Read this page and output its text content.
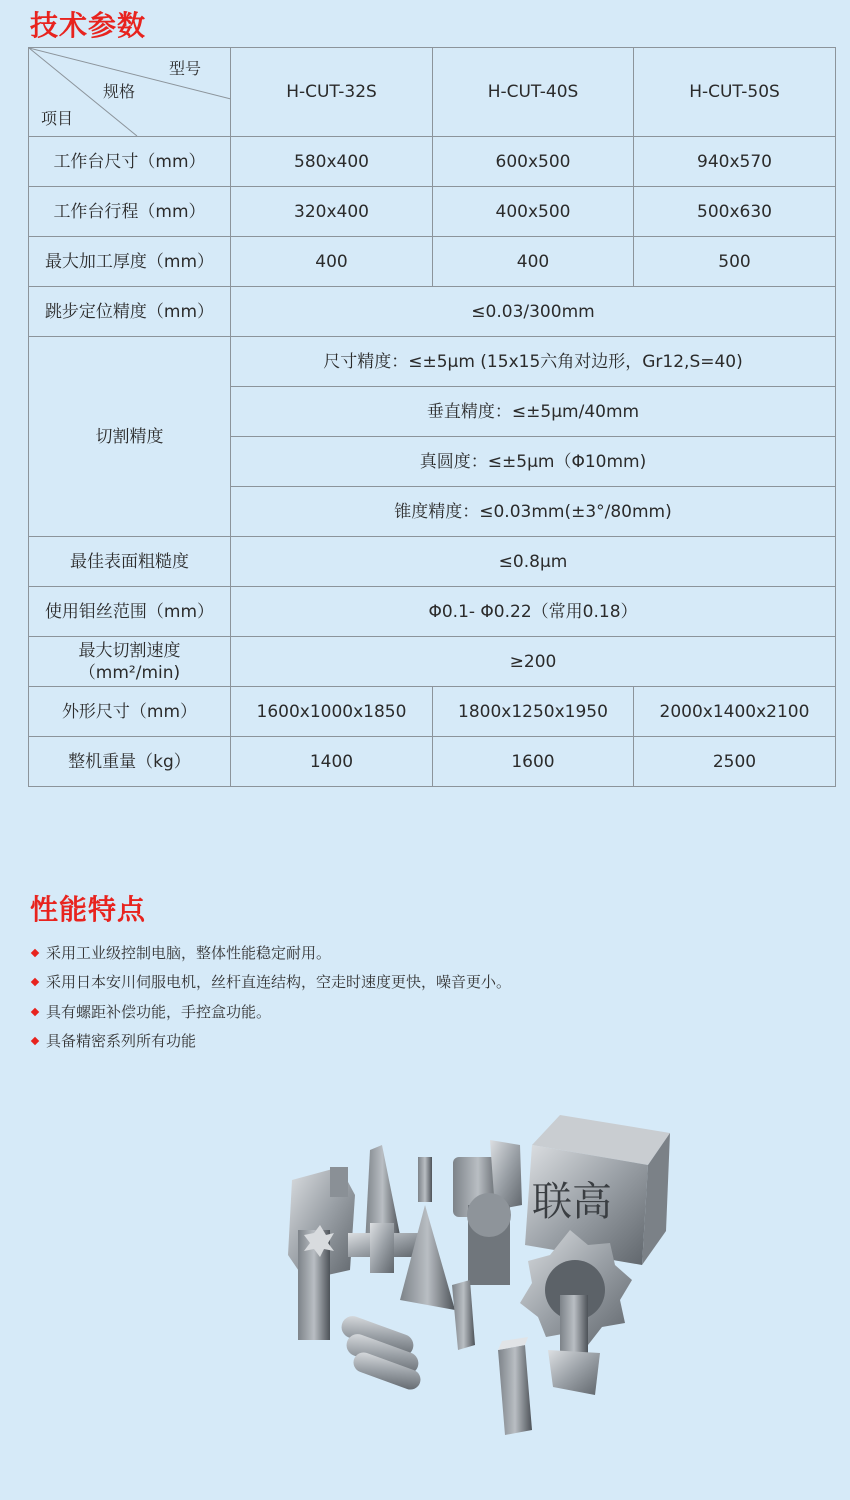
技术参数
型号
规格
项目	H-CUT-32S	H-CUT-40S	H-CUT-50S
工作台尺寸（mm）	580x400	600x500	940x570
工作台行程（mm）	320x400	400x500	500x630
最大加工厚度（mm）	400	400	500
跳步定位精度（mm）	≤0.03/300mm		
切割精度	尺寸精度：≤±5μm (15x15六角对边形，Gr12,S=40)		
	垂直精度：≤±5μm/40mm		
	真圆度：≤±5μm（Φ10mm)		
	锥度精度：≤0.03mm(±3°/80mm)		
最佳表面粗糙度	≤0.8μm		
使用钼丝范围（mm）	Φ0.1- Φ0.22（常用0.18）		

最大切割速度
（mm²/min)	≥200		
外形尺寸（mm）	1600x1000x1850	1800x1250x1950	2000x1400x2100
整机重量（kg）	1400	1600	2500
性能特点
采用工业级控制电脑，整体性能稳定耐用。
采用日本安川伺服电机，丝杆直连结构，空走时速度更快，噪音更小。
具有螺距补偿功能，手控盒功能。
具备精密系列所有功能
联高
